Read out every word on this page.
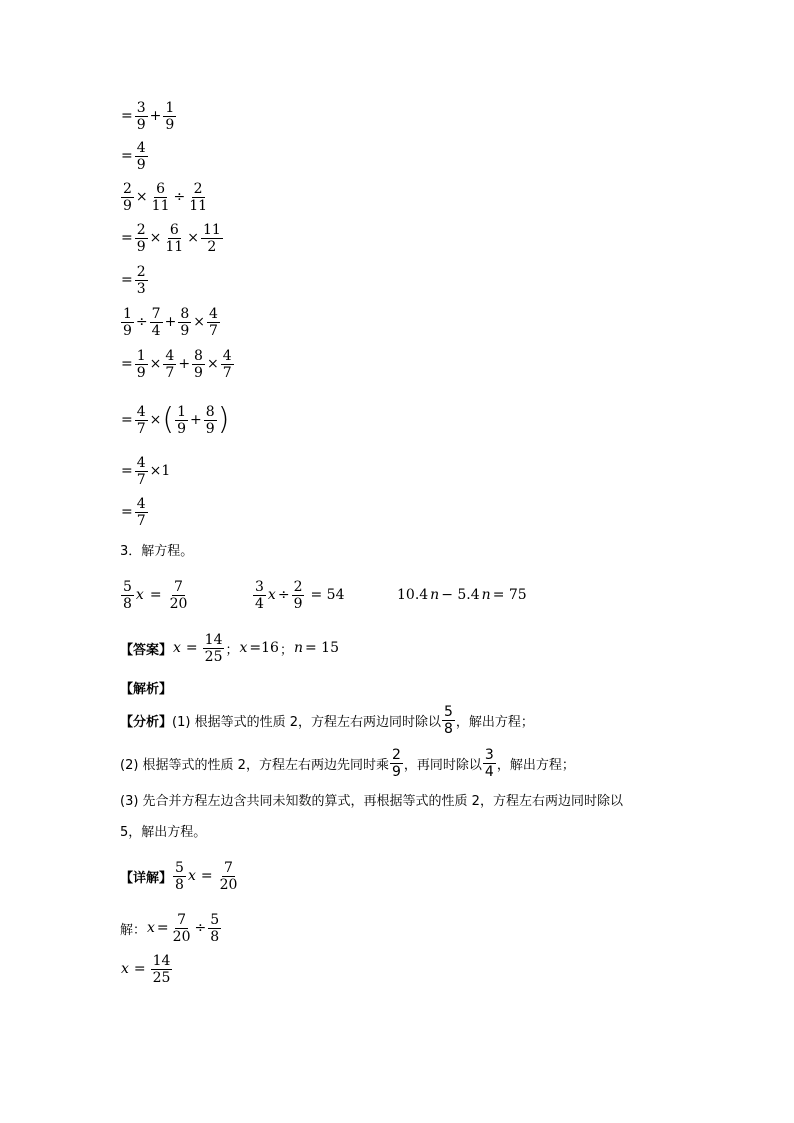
= $\frac{3}{9} + \frac{1}{9}$
= $\frac{4}{9}$
$\frac{2}{9} \times \frac{6}{11} \div \frac{2}{11}$
= $\frac{2}{9} \times \frac{6}{11} \times \frac{11}{2}$
= $\frac{2}{3}$
$\frac{1}{9} \div \frac{7}{4} + \frac{8}{9} \times \frac{4}{7}$
= $\frac{1}{9} \times \frac{4}{7} + \frac{8}{9} \times \frac{4}{7}$
= $\frac{4}{7}$ × ( $\frac{1}{9} + \frac{8}{9}$ )
= $\frac{4}{7} \times 1$
= $\frac{4}{7}$
3．解方程。
$\frac{5}{8}$ $x = \frac{7}{20}$	$\frac{3}{4}$ $x \div \frac{2}{9} = 54$	10.4 n − 5.4 n = 75
【答案】 $x = \frac{14}{25}$ ； x =16 ； n = 15
【解析】
【分析】 (1) 根据等式的性质 2，方程左右两边同时除以 $\frac{5}{8}$ ，解出方程；
(2) 根据等式的性质 2，方程左右两边先同时乘 $\frac{2}{9}$ ，再同时除以 $\frac{3}{4}$ ，解出方程；
(3) 先合并方程左边含共同未知数的算式，再根据等式的性质 2，方程左右两边同时除以
5，解出方程。
【详解】 $\frac{5}{8}$ $x = \frac{7}{20}$
解： $x = \frac{7}{20} \div \frac{5}{8}$
$x = \frac{14}{25}$
